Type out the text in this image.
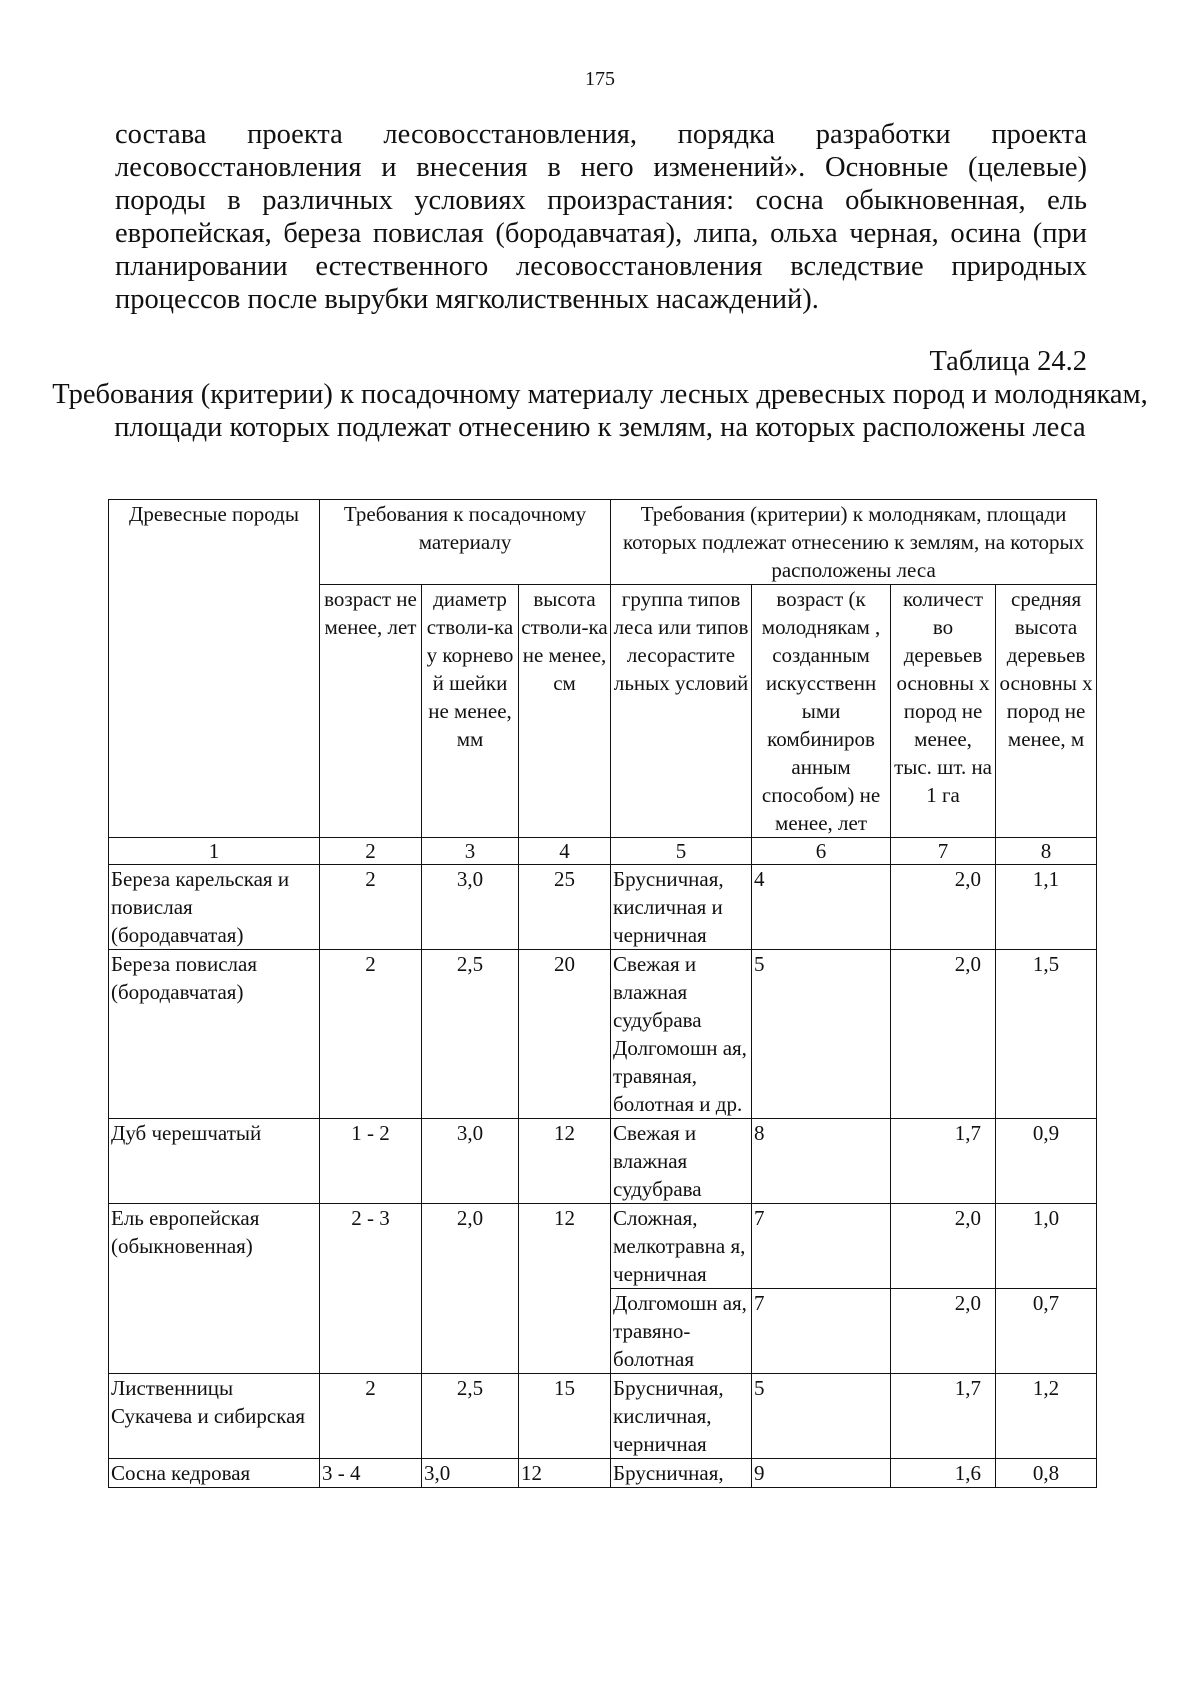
175

состава проекта лесовосстановления, порядка разработки проекта лесовосстановления и внесения в него изменений». Основные (целевые) породы в различных условиях произрастания: сосна обыкновенная, ель европейская, береза повислая (бородавчатая), липа, ольха черная, осина (при планировании естественного лесовосстановления вследствие природных процессов после вырубки мягколиственных насаждений).

Таблица 24.2

Требования (критерии) к посадочному материалу лесных древесных пород и молоднякам, площади которых подлежат отнесению к землям, на которых расположены леса

Древесные породы	Требования к посадочному материалу			Требования (критерии) к молоднякам, площади которых подлежат отнесению к землям, на которых расположены леса			
	возраст не менее, лет	диаметр стволи-ка у корнево й шейки не менее, мм	высота стволи-ка не менее, см	группа типов леса или типов лесорастите льных условий	возраст (к молоднякам , созданным искусственн ыми комбиниров анным способом) не менее, лет	количест во деревьев основны х пород не менее, тыс. шт. на 1 га	средняя высота деревьев основны х пород не менее, м
1	2	3	4	5	6	7	8
Береза карельская и повислая (бородавчатая)	2	3,0	25	Брусничная, кисличная и черничная	4	2,0	1,1
Береза повислая (бородавчатая)	2	2,5	20	Свежая и влажная судубрава Долгомошн ая, травяная, болотная и др.	5	2,0	1,5
Дуб черешчатый	1 - 2	3,0	12	Свежая и влажная судубрава	8	1,7	0,9
Ель европейская (обыкновенная)	2 - 3	2,0	12	Сложная, мелкотравна я, черничная	7	2,0	1,0
				Долгомошн ая, травяно-болотная	7	2,0	0,7
Лиственницы Сукачева и сибирская	2	2,5	15	Брусничная, кисличная, черничная	5	1,7	1,2
Сосна кедровая	3 - 4	3,0	12	Брусничная,	9	1,6	0,8
